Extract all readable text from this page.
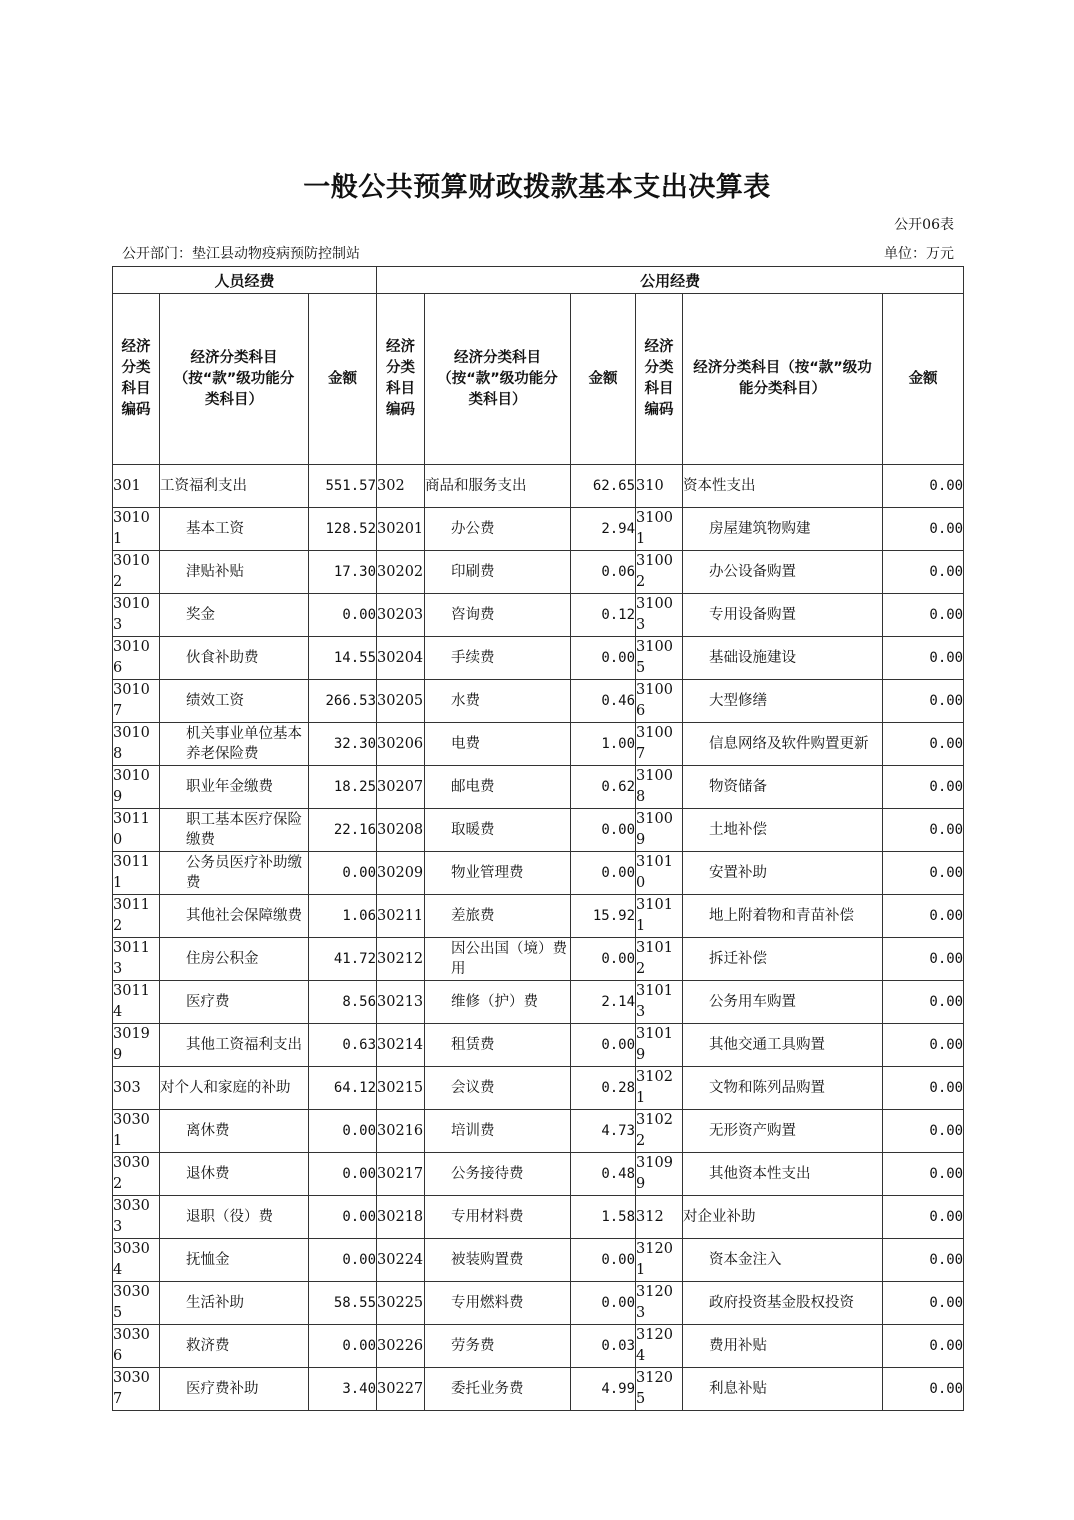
一般公共预算财政拨款基本支出决算表
公开06表
公开部门：垫江县动物疫病预防控制站	单位：万元
人员经费			公用经费					
经济分类科目编码	经济分类科目（按“款”级功能分类科目）	金额	经济分类科目编码	经济分类科目（按“款”级功能分类科目）	金额	经济分类科目编码	经济分类科目（按“款”级功能分类科目）	金额
301	工资福利支出	551.57	302	商品和服务支出	62.65	310	资本性支出	0.00
30101	基本工资	128.52	30201	办公费	2.94	31001	房屋建筑物购建	0.00
30102	津贴补贴	17.30	30202	印刷费	0.06	31002	办公设备购置	0.00
30103	奖金	0.00	30203	咨询费	0.12	31003	专用设备购置	0.00
30106	伙食补助费	14.55	30204	手续费	0.00	31005	基础设施建设	0.00
30107	绩效工资	266.53	30205	水费	0.46	31006	大型修缮	0.00
30108	机关事业单位基本养老保险费	32.30	30206	电费	1.00	31007	信息网络及软件购置更新	0.00
30109	职业年金缴费	18.25	30207	邮电费	0.62	31008	物资储备	0.00
30110	职工基本医疗保险缴费	22.16	30208	取暖费	0.00	31009	土地补偿	0.00
30111	公务员医疗补助缴费	0.00	30209	物业管理费	0.00	31010	安置补助	0.00
30112	其他社会保障缴费	1.06	30211	差旅费	15.92	31011	地上附着物和青苗补偿	0.00
30113	住房公积金	41.72	30212	因公出国（境）费用	0.00	31012	拆迁补偿	0.00
30114	医疗费	8.56	30213	维修（护）费	2.14	31013	公务用车购置	0.00
30199	其他工资福利支出	0.63	30214	租赁费	0.00	31019	其他交通工具购置	0.00
303	对个人和家庭的补助	64.12	30215	会议费	0.28	31021	文物和陈列品购置	0.00
30301	离休费	0.00	30216	培训费	4.73	31022	无形资产购置	0.00
30302	退休费	0.00	30217	公务接待费	0.48	31099	其他资本性支出	0.00
30303	退职（役）费	0.00	30218	专用材料费	1.58	312	对企业补助	0.00
30304	抚恤金	0.00	30224	被装购置费	0.00	31201	资本金注入	0.00
30305	生活补助	58.55	30225	专用燃料费	0.00	31203	政府投资基金股权投资	0.00
30306	救济费	0.00	30226	劳务费	0.03	31204	费用补贴	0.00
30307	医疗费补助	3.40	30227	委托业务费	4.99	31205	利息补贴	0.00
